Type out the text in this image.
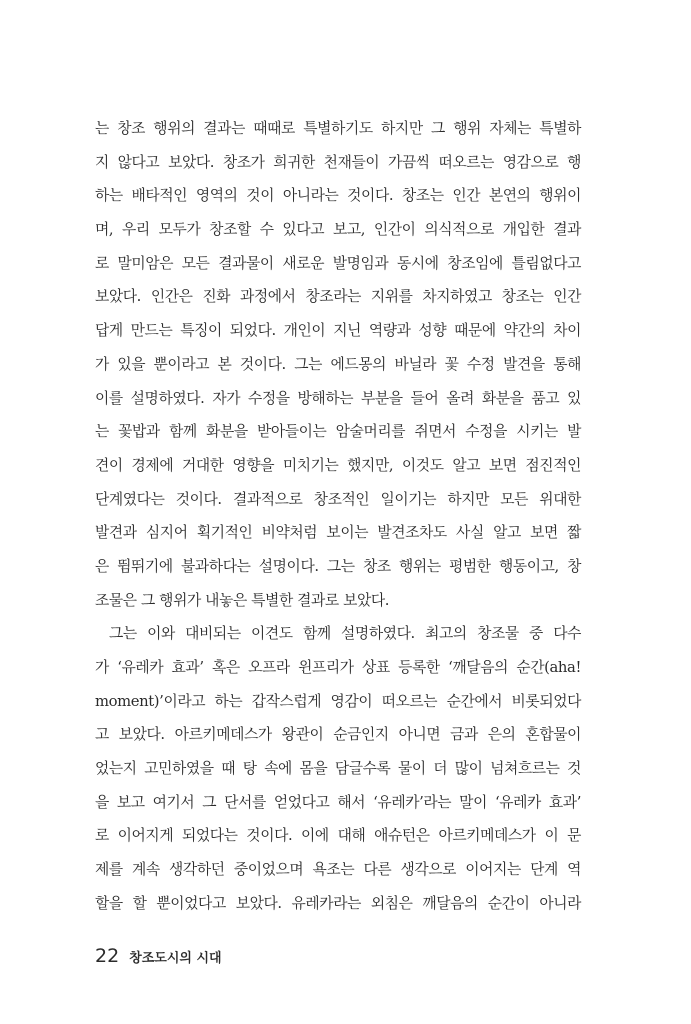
는 창조 행위의 결과는 때때로 특별하기도 하지만 그 행위 자체는 특별하
지 않다고 보았다. 창조가 희귀한 천재들이 가끔씩 떠오르는 영감으로 행
하는 배타적인 영역의 것이 아니라는 것이다. 창조는 인간 본연의 행위이
며, 우리 모두가 창조할 수 있다고 보고, 인간이 의식적으로 개입한 결과
로 말미암은 모든 결과물이 새로운 발명임과 동시에 창조임에 틀림없다고
보았다. 인간은 진화 과정에서 창조라는 지위를 차지하였고 창조는 인간
답게 만드는 특징이 되었다. 개인이 지닌 역량과 성향 때문에 약간의 차이
가 있을 뿐이라고 본 것이다. 그는 에드몽의 바닐라 꽃 수정 발견을 통해
이를 설명하였다. 자가 수정을 방해하는 부분을 들어 올려 화분을 품고 있
는 꽃밥과 함께 화분을 받아들이는 암술머리를 쥐면서 수정을 시키는 발
견이 경제에 거대한 영향을 미치기는 했지만, 이것도 알고 보면 점진적인
단계였다는 것이다. 결과적으로 창조적인 일이기는 하지만 모든 위대한
발견과 심지어 획기적인 비약처럼 보이는 발견조차도 사실 알고 보면 짧
은 뜀뛰기에 불과하다는 설명이다. 그는 창조 행위는 평범한 행동이고, 창
조물은 그 행위가 내놓은 특별한 결과로 보았다.
그는 이와 대비되는 이견도 함께 설명하였다. 최고의 창조물 중 다수
가 ‘유레카 효과’ 혹은 오프라 윈프리가 상표 등록한 ‘깨달음의 순간(aha!
moment)’이라고 하는 갑작스럽게 영감이 떠오르는 순간에서 비롯되었다
고 보았다. 아르키메데스가 왕관이 순금인지 아니면 금과 은의 혼합물이
었는지 고민하였을 때 탕 속에 몸을 담글수록 물이 더 많이 넘쳐흐르는 것
을 보고 여기서 그 단서를 얻었다고 해서 ‘유레카’라는 말이 ‘유레카 효과’
로 이어지게 되었다는 것이다. 이에 대해 애슈턴은 아르키메데스가 이 문
제를 계속 생각하던 중이었으며 욕조는 다른 생각으로 이어지는 단계 역
할을 할 뿐이었다고 보았다. 유레카라는 외침은 깨달음의 순간이 아니라
22 창조도시의 시대
